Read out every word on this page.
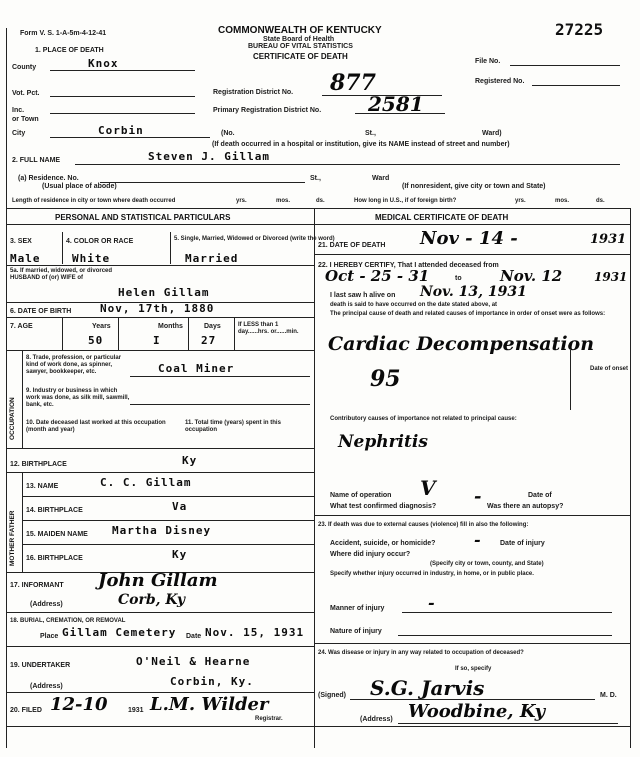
Form V. S. 1-A-5m-4-12-41	COMMONWEALTH OF KENTUCKY
State Board of Health
BUREAU OF VITAL STATISTICS
CERTIFICATE OF DEATH
27225
File No.
Registered No.
1. PLACE OF DEATH
County	Knox
Vot. Pct.
Inc.
or Town
Registration District No. 877
Primary Registration District No. 2581
City	Corbin	(No.	St.,	Ward)
(If death occurred in a hospital or institution, give its NAME instead of street and number)
2. FULL NAME	Steven J. Gillam
(a) Residence. No.
(Usual place of abode)
St.,	Ward
(If nonresident, give city or town and State)
Length of residence in city or town where death occurred	yrs.	mos.	ds.	How long in U.S., if of foreign birth?	yrs.	mos.	ds.
PERSONAL AND STATISTICAL PARTICULARS	MEDICAL CERTIFICATE OF DEATH
3. SEX
Male
4. COLOR OR RACE
White
5. Single, Married, Widowed or Divorced (write the word)
Married
5a. If married, widowed, or divorced HUSBAND of (or) WIFE of
Helen Gillam
6. DATE OF BIRTH	Nov, 17th, 1880
7. AGE	Years
50
Months
I
Days
27
If LESS than 1 day......hrs. or......min.
OCCUPATION
8. Trade, profession, or particular kind of work done, as spinner, sawyer, bookkeeper, etc.	Coal Miner
9. Industry or business in which work was done, as silk mill, sawmill, bank, etc.
10. Date deceased last worked at this occupation (month and year)
11. Total time (years) spent in this occupation
12. BIRTHPLACE	Ky
MOTHER FATHER
13. NAME	C. C. Gillam
14. BIRTHPLACE	Va
15. MAIDEN NAME Martha Disney
16. BIRTHPLACE	Ky
17. INFORMANT John Gillam
(Address)	Corb, Ky
18. BURIAL, CREMATION, OR REMOVAL
Place Gillam Cemetery Date Nov. 15, 1931
19. UNDERTAKER	O'Neil & Hearne
(Address)	Corbin, Ky.
20. FILED 12-10	1931 L.M. Wilder
Registrar.
21. DATE OF DEATH Nov - 14 -	1931
22. I HEREBY CERTIFY, That I attended deceased from
Oct - 25 - 31	to	Nov. 12	1931
I last saw h alive on Nov. 13, 1931
death is said to have occurred on the date stated above, at
The principal cause of death and related causes of importance in order of onset were as follows:
Cardiac Decompensation
95	Date of onset
Contributory causes of importance not related to principal cause:
Nephritis
Name of operation V	Date of
What test confirmed diagnosis? - Was there an autopsy?
23. If death was due to external causes (violence) fill in also the following:
Accident, suicide, or homicide? -	Date of injury
Where did injury occur?
(Specify city or town, county, and State)
Specify whether injury occurred in industry, in home, or in public place.
Manner of injury	-
Nature of injury
24. Was disease or injury in any way related to occupation of deceased?
If so, specify
(Signed) S.G. Jarvis	M. D.
(Address) Woodbine, Ky
